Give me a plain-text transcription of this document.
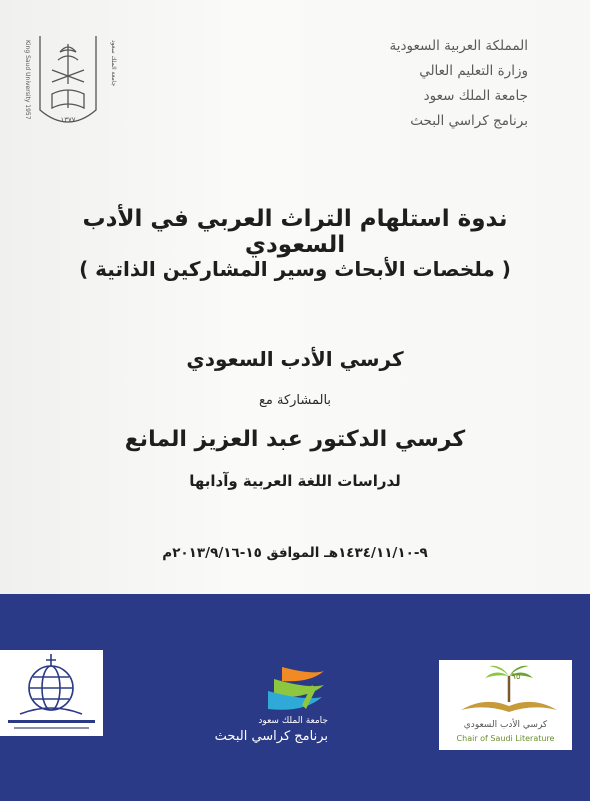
المملكة العربية السعودية
وزارة التعليم العالي
جامعة الملك سعود
برنامج كراسي البحث
١٣٧٧
King Saud University 1957	جامعة الملك سعود
ندوة استلهام التراث العربي في الأدب السعودي
( ملخصات الأبحاث وسير المشاركين الذاتية )
كرسي الأدب السعودي
بالمشاركة مع
كرسي الدكتور عبد العزيز المانع
لدراسات اللغة العربية وآدابها
٩-١٤٣٤/١١/١٠هـ الموافق ١٥-٢٠١٣/٩/١٦م
جامعة الملك سعود
برنامج كراسي البحث
٩٥
كرسي الأدب السعودي
Chair of Saudi Literature
